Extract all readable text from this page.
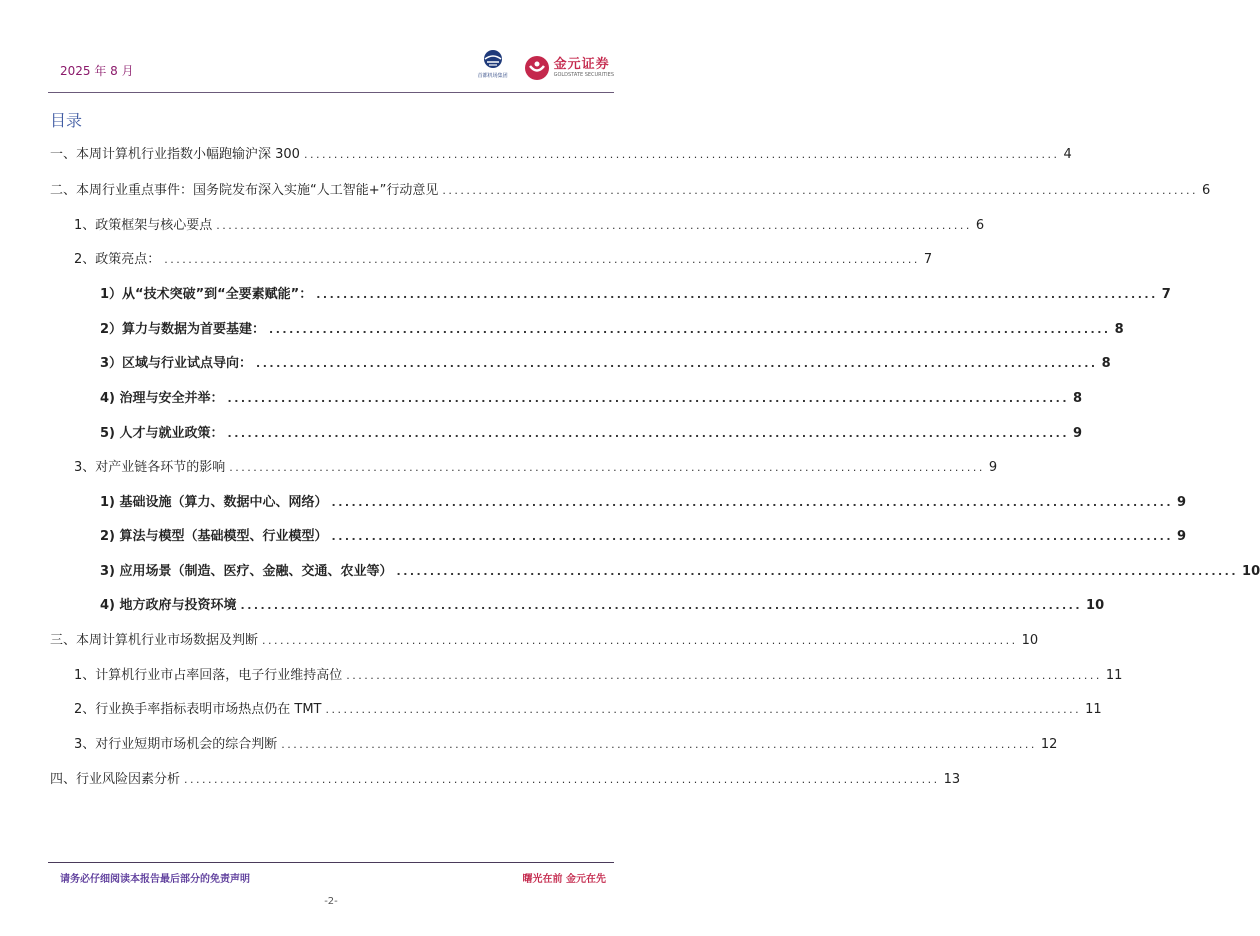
2025 年 8 月	首都机场集团
金元证券
GOLDSTATE SECURITIES
目录
一、本周计算机行业指数小幅跑输沪深 300 .............................................................................................................................. 4
二、本周行业重点事件：国务院发布深入实施“人工智能+”行动意见 .............................................................................................................................. 6
1、政策框架与核心要点 .............................................................................................................................. 6
2、政策亮点： .............................................................................................................................. 7
1）从“技术突破”到“全要素赋能”： .............................................................................................................................. 7
2）算力与数据为首要基建： .............................................................................................................................. 8
3）区域与行业试点导向： .............................................................................................................................. 8
4) 治理与安全并举： .............................................................................................................................. 8
5) 人才与就业政策： .............................................................................................................................. 9
3、对产业链各环节的影响 .............................................................................................................................. 9
1) 基础设施（算力、数据中心、网络） .............................................................................................................................. 9
2) 算法与模型（基础模型、行业模型） .............................................................................................................................. 9
3) 应用场景（制造、医疗、金融、交通、农业等） .............................................................................................................................. 10
4) 地方政府与投资环境 .............................................................................................................................. 10
三、本周计算机行业市场数据及判断 .............................................................................................................................. 10
1、计算机行业市占率回落，电子行业维持高位 .............................................................................................................................. 11
2、行业换手率指标表明市场热点仍在 TMT .............................................................................................................................. 11
3、对行业短期市场机会的综合判断 .............................................................................................................................. 12
四、行业风险因素分析 .............................................................................................................................. 13
请务必仔细阅读本报告最后部分的免责声明	曙光在前 金元在先
-2-
